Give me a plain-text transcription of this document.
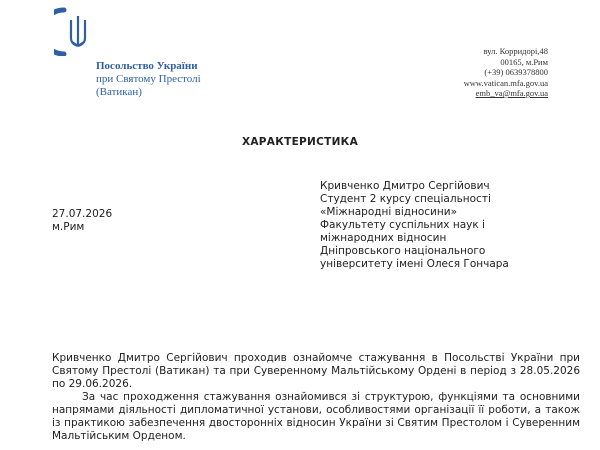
Посольство України
при Святому Престолі
(Ватикан)
вул. Корридорі,48
00165, м.Рим
(+39) 0639378800
www.vatican.mfa.gov.ua
emb_va@mfa.gov.ua
ХАРАКТЕРИСТИКА
27.07.2026
м.Рим
Кривченко Дмитро Сергійович
Студент 2 курсу спеціальності
«Міжнародні відносини»
Факультету суспільних наук і
міжнародних відносин
Дніпровського національного
університету імені Олеся Гончара

Кривченко Дмитро Сергійович проходив ознайомче стажування в Посольстві України при Святому Престолі (Ватикан) та при Суверенному Мальтійському Ордені в період з 28.05.2026 по 29.06.2026.

За час проходження стажування ознайомився зі структурою, функціями та основними напрямами діяльності дипломатичної установи, особливостями організації її роботи, а також із практикою забезпечення двосторонніх відносин України зі Святим Престолом і Суверенним Мальтійським Орденом.
